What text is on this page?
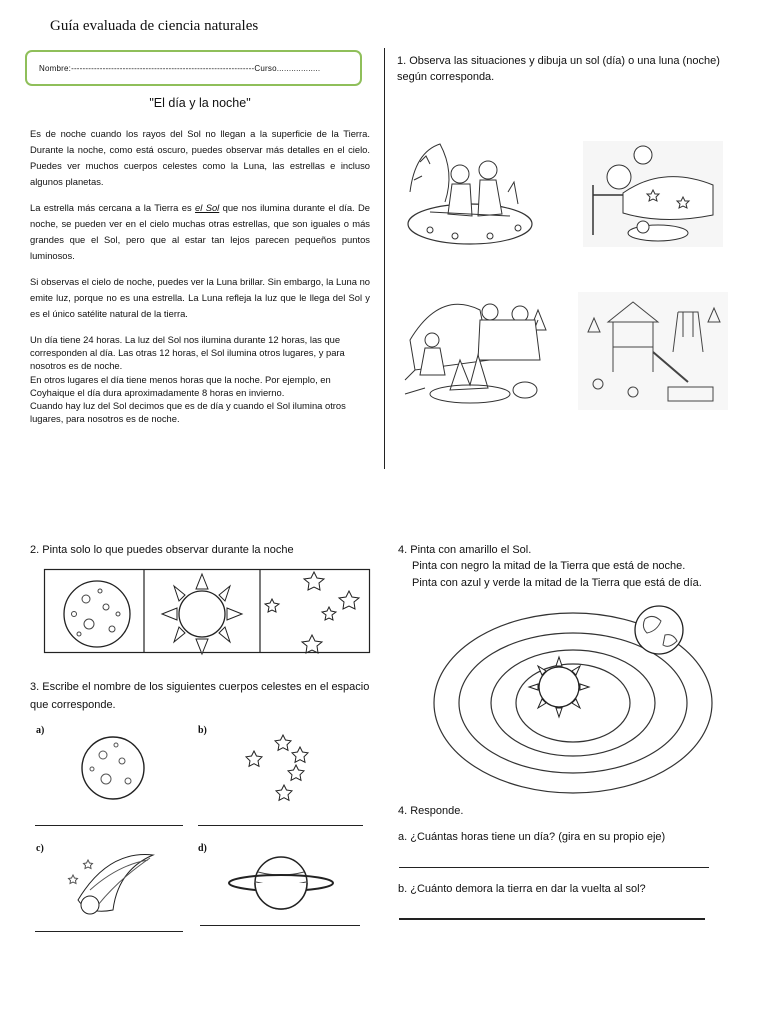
Guía evaluada de ciencia naturales
Nombre:----------------------------------------------------------------Curso..................
"El día y la noche"

Es de noche cuando los rayos del Sol no llegan a la superficie de la Tierra. Durante la noche, como está oscuro, puedes observar más detalles en el cielo. Puedes ver muchos cuerpos celestes como la Luna, las estrellas e incluso algunos planetas.

La estrella más cercana a la Tierra es el Sol que nos ilumina durante el día. De noche, se pueden ver en el cielo muchas otras estrellas, que son iguales o más grandes que el Sol, pero que al estar tan lejos parecen pequeños puntos luminosos.

Si observas el cielo de noche, puedes ver la Luna brillar. Sin embargo, la Luna no emite luz, porque no es una estrella. La Luna refleja la luz que le llega del Sol y es el único satélite natural de la tierra.

Un día tiene 24 horas. La luz del Sol nos ilumina durante 12 horas, las que corresponden al día. Las otras 12 horas, el Sol ilumina otros lugares, y para nosotros es de noche.
En otros lugares el día tiene menos horas que la noche. Por ejemplo, en Coyhaique el día dura aproximadamente 8 horas en invierno.
Cuando hay luz del Sol decimos que es de día y cuando el Sol ilumina otros lugares, para nosotros es de noche.
1. Observa las situaciones y dibuja un sol (día) o una luna (noche) según corresponda.
2. Pinta solo lo que puedes observar durante la noche
3. Escribe el nombre de los siguientes cuerpos celestes en el espacio que corresponde.
a)	b)
c)	d)
4. Pinta con amarillo el Sol.
Pinta con negro la mitad de la Tierra que está de noche.
Pinta con azul y verde la mitad de la Tierra que está de día.
4. Responde.
a. ¿Cuántas horas tiene un día? (gira en su propio eje)
b. ¿Cuánto demora la tierra en dar la vuelta al sol?
